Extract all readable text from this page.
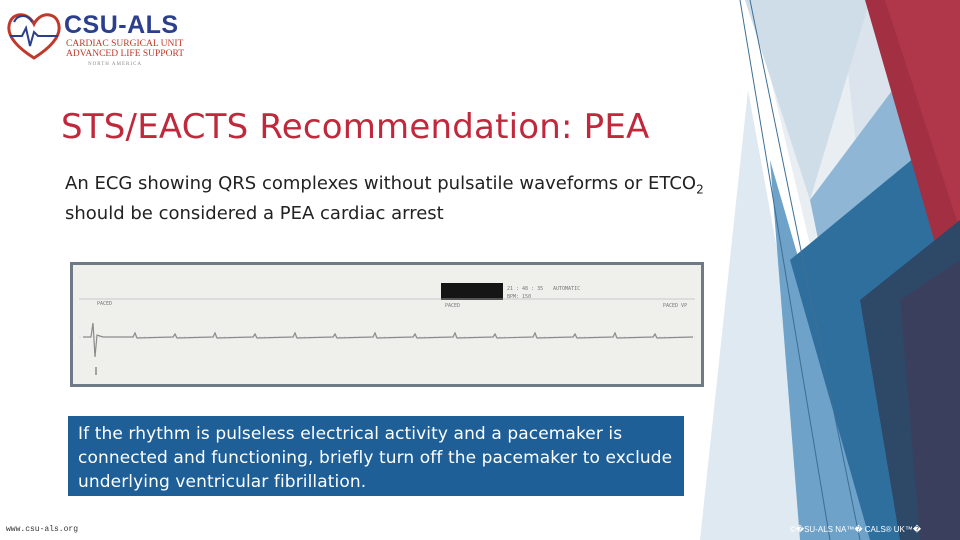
CSU-ALS
CARDIAC SURGICAL UNIT
ADVANCED LIFE SUPPORT
NORTH AMERICA
STS/EACTS Recommendation: PEA
An ECG showing QRS complexes without pulsatile waveforms or $ETCO_2$ should be considered a PEA cardiac arrest
21 : 48 : 35 AUTOMATIC
BPM: 150
PACED	PACED	PACED VP
If the rhythm is pulseless electrical activity and a pacemaker is connected and functioning, briefly turn off the pacemaker to exclude underlying ventricular fibrillation.
www.csu-als.org	©�SU-ALS NA™� CALS® UK™�
